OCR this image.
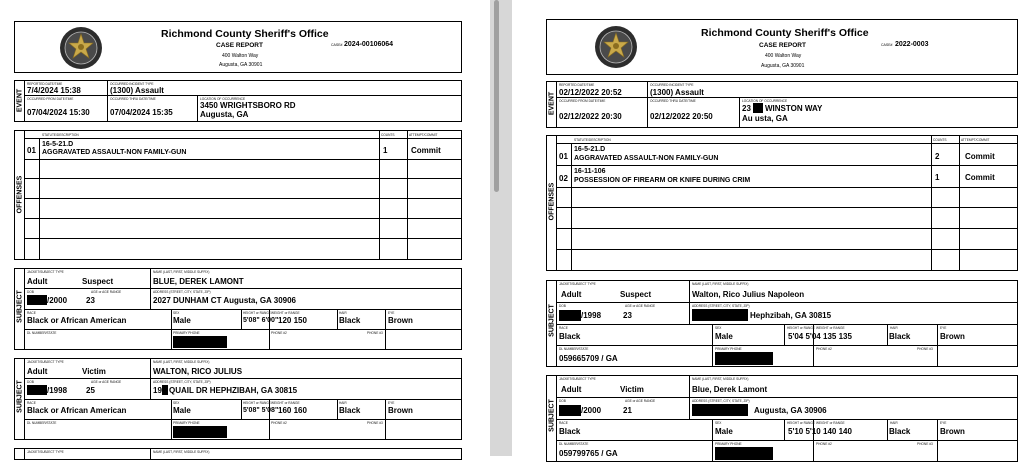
Richmond County Sheriff's Office
CASE REPORT
400 Walton Way
Augusta, GA 30901
CASE# 2024-00106064
EVENT
REPORTED DATE/TIME
7/4/2024 15:38
OCCURRED INCIDENT TYPE
(1300) Assault
OCCURRED FROM DATE/TIME
07/04/2024 15:30
OCCURRED THRU DATE/TIME
07/04/2024 15:35
LOCATION OF OCCURRENCE
3450 WRIGHTSBORO RD
Augusta, GA
OFFENSES
STATUTE/DESCRIPTION	COUNTS	ATTEMPT/COMMIT
01
16-5-21.D
AGGRAVATED ASSAULT-NON FAMILY-GUN	1	Commit
SUBJECT
JACKET/SUBJECT TYPE
Adult	Suspect
NAME (LAST, FIRST, MIDDLE SUFFIX)
BLUE, DEREK LAMONT
DOB
/2000
AGE or AGE RANGE
23
ADDRESS (STREET, CITY, STATE, ZIP)
2027 DUNHAM CT Augusta, GA 30906
RACE
Black or African American
SEX
Male
HEIGHT or RANGE
5'08" 6'00"
WEIGHT or RANGE
120 150
HAIR
Black
EYE
Brown
DL NUMBER/STATE	PRIMARY PHONE	PHONE #2	PHONE #3
SUBJECT
JACKET/SUBJECT TYPE
Adult	Victim
NAME (LAST, FIRST, MIDDLE SUFFIX)
WALTON, RICO JULIUS
DOB
/1998
AGE or AGE RANGE
25
ADDRESS (STREET, CITY, STATE, ZIP)
19 QUAIL DR HEPHZIBAH, GA 30815
RACE
Black or African American
SEX
Male
HEIGHT or RANGE
5'08" 5'08"
WEIGHT or RANGE
160 160
HAIR
Black
EYE
Brown
DL NUMBER/STATE	PRIMARY PHONE	PHONE #2	PHONE #3
JACKET/SUBJECT TYPE	NAME (LAST, FIRST, MIDDLE SUFFIX)
Richmond County Sheriff's Office
CASE REPORT
400 Walton Way
Augusta, GA 30901
CASE# 2022-0003
EVENT
REPORTED DATE/TIME
02/12/2022 20:52
OCCURRED INCIDENT TYPE
(1300) Assault
OCCURRED FROM DATE/TIME
02/12/2022 20:30
OCCURRED THRU DATE/TIME
02/12/2022 20:50
LOCATION OF OCCURRENCE
23 WINSTON WAY
Au usta, GA
OFFENSES
STATUTE/DESCRIPTION	COUNTS	ATTEMPT/COMMIT
01
16-5-21.D
AGGRAVATED ASSAULT-NON FAMILY-GUN	2	Commit
02
16-11-106
POSSESSION OF FIREARM OR KNIFE DURING CRIM	1	Commit
SUBJECT
JACKET/SUBJECT TYPE
Adult	Suspect
NAME (LAST, FIRST, MIDDLE SUFFIX)
Walton, Rico Julius Napoleon
DOB
/1998
AGE or AGE RANGE
23
ADDRESS (STREET, CITY, STATE, ZIP)
Hephzibah, GA 30815
RACE
Black
SEX
Male
HEIGHT or RANGE
5'04 5'04
WEIGHT or RANGE
135 135
HAIR
Black
EYE
Brown
DL NUMBER/STATE
059665709 / GA
PRIMARY PHONE	PHONE #2	PHONE #3
SUBJECT
JACKET/SUBJECT TYPE
Adult	Victim
NAME (LAST, FIRST, MIDDLE SUFFIX)
Blue, Derek Lamont
DOB
/2000
AGE or AGE RANGE
21
ADDRESS (STREET, CITY, STATE, ZIP)
Augusta, GA 30906
RACE
Black
SEX
Male
HEIGHT or RANGE
5'10 5'10
WEIGHT or RANGE
140 140
HAIR
Black
EYE
Brown
DL NUMBER/STATE
059799765 / GA
PRIMARY PHONE	PHONE #2	PHONE #3
